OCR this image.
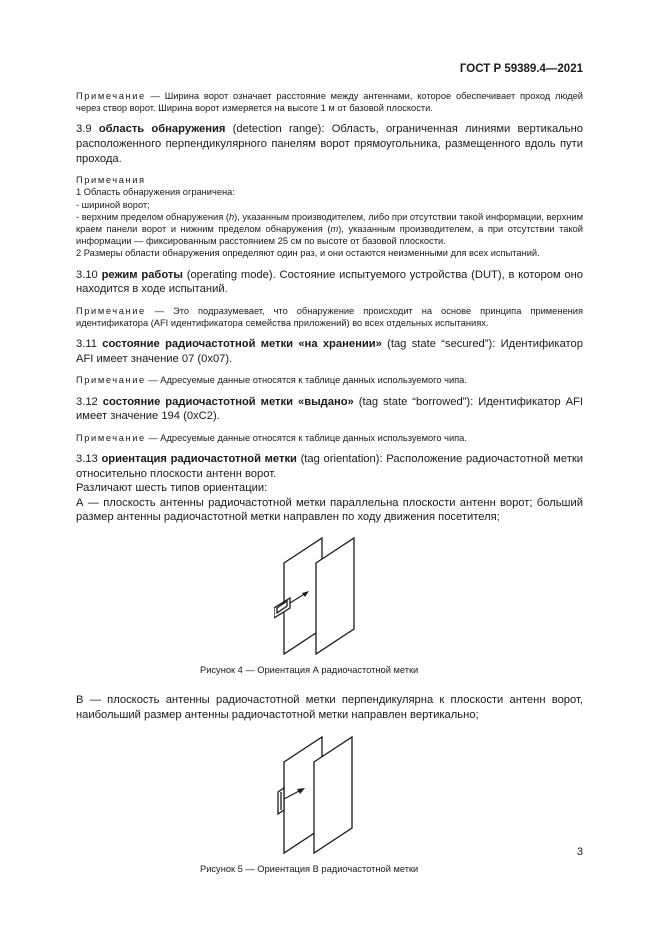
ГОСТ Р 59389.4—2021

Примечание — Ширина ворот означает расстояние между антеннами, которое обеспечивает проход людей через створ ворот. Ширина ворот измеряется на высоте 1 м от базовой плоскости.

3.9 область обнаружения (detection range): Область, ограниченная линиями вертикально расположенного перпендикулярного панелям ворот прямоугольника, размещенного вдоль пути прохода.

Примечания

1 Область обнаружения ограничена:

- шириной ворот;

- верхним пределом обнаружения (h), указанным производителем, либо при отсутствии такой информации, верхним краем панели ворот и нижним пределом обнаружения (m), указанным производителем, а при отсутствии такой информации — фиксированным расстоянием 25 см по высоте от базовой плоскости.

2 Размеры области обнаружения определяют один раз, и они остаются неизменными для всех испытаний.

3.10 режим работы (operating mode). Состояние испытуемого устройства (DUT), в котором оно находится в ходе испытаний.

Примечание — Это подразумевает, что обнаружение происходит на основе принципа применения идентификатора (AFI идентификатора семейства приложений) во всех отдельных испытаниях.

3.11 состояние радиочастотной метки «на хранении» (tag state “secured”): Идентификатор AFI имеет значение 07 (0x07).

Примечание — Адресуемые данные относятся к таблице данных используемого чипа.

3.12 состояние радиочастотной метки «выдано» (tag state “borrowed”): Идентификатор AFI имеет значение 194 (0xC2).

Примечание — Адресуемые данные относятся к таблице данных используемого чипа.

3.13 ориентация радиочастотной метки (tag orientation): Расположение радиочастотной метки относительно плоскости антенн ворот.

Различают шесть типов ориентации:

А — плоскость антенны радиочастотной метки параллельна плоскости антенн ворот; больший размер антенны радиочастотной метки направлен по ходу движения посетителя;

Рисунок 4 — Ориентация А радиочастотной метки

В — плоскость антенны радиочастотной метки перпендикулярна к плоскости антенн ворот, наибольший размер антенны радиочастотной метки направлен вертикально;

Рисунок 5 — Ориентация В радиочастотной метки

3
